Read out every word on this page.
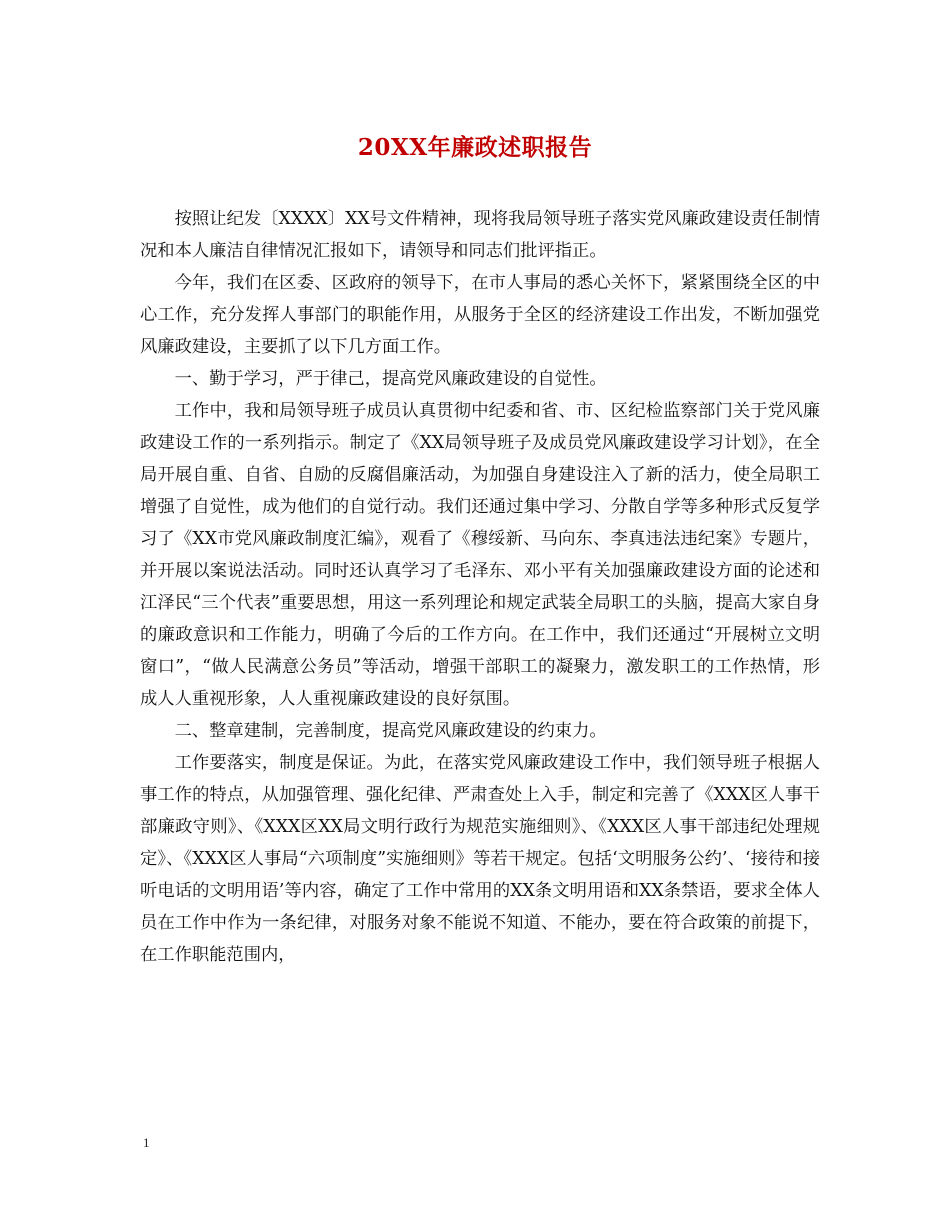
20XX年廉政述职报告

按照让纪发〔XXXX〕XX号文件精神，现将我局领导班子落实党风廉政建设责任制情况和本人廉洁自律情况汇报如下，请领导和同志们批评指正。

今年，我们在区委、区政府的领导下，在市人事局的悉心关怀下，紧紧围绕全区的中心工作，充分发挥人事部门的职能作用，从服务于全区的经济建设工作出发，不断加强党风廉政建设，主要抓了以下几方面工作。

一、勤于学习，严于律己，提高党风廉政建设的自觉性。

工作中，我和局领导班子成员认真贯彻中纪委和省、市、区纪检监察部门关于党风廉政建设工作的一系列指示。制定了《XX局领导班子及成员党风廉政建设学习计划》，在全局开展自重、自省、自励的反腐倡廉活动，为加强自身建设注入了新的活力，使全局职工增强了自觉性，成为他们的自觉行动。我们还通过集中学习、分散自学等多种形式反复学习了《XX市党风廉政制度汇编》，观看了《穆绥新、马向东、李真违法违纪案》专题片，并开展以案说法活动。同时还认真学习了毛泽东、邓小平有关加强廉政建设方面的论述和江泽民“三个代表”重要思想，用这一系列理论和规定武装全局职工的头脑，提高大家自身的廉政意识和工作能力，明确了今后的工作方向。在工作中，我们还通过“开展树立文明窗口”，“做人民满意公务员”等活动，增强干部职工的凝聚力，激发职工的工作热情，形成人人重视形象，人人重视廉政建设的良好氛围。

二、整章建制，完善制度，提高党风廉政建设的约束力。

工作要落实，制度是保证。为此，在落实党风廉政建设工作中，我们领导班子根据人事工作的特点，从加强管理、强化纪律、严肃查处上入手，制定和完善了《XXX区人事干部廉政守则》、《XXX区XX局文明行政行为规范实施细则》、《XXX区人事干部违纪处理规定》、《XXX区人事局“六项制度”实施细则》等若干规定。包括‘文明服务公约’、‘接待和接听电话的文明用语’等内容，确定了工作中常用的XX条文明用语和XX条禁语，要求全体人员在工作中作为一条纪律，对服务对象不能说不知道、不能办，要在符合政策的前提下，在工作职能范围内，

1
